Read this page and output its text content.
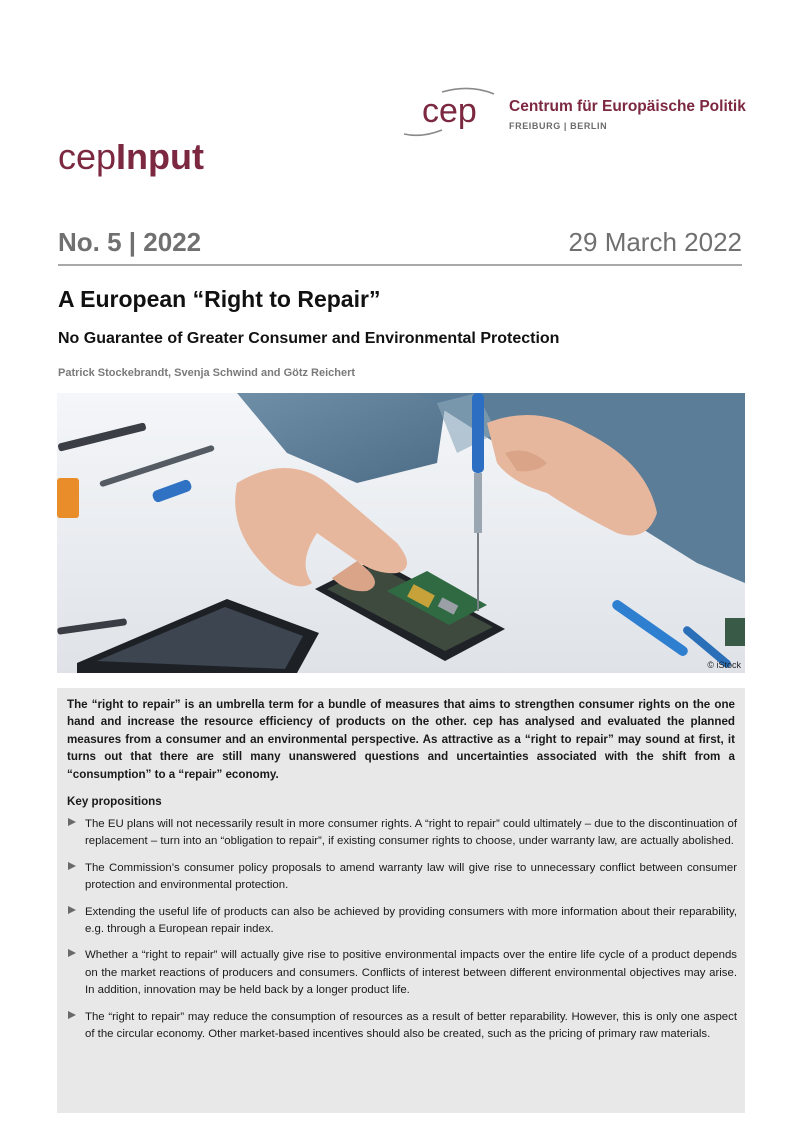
cep Centrum für Europäische Politik
FREIBURG | BERLIN
cepInput
No. 5 | 2022	29 March 2022
A European “Right to Repair”
No Guarantee of Greater Consumer and Environmental Protection
Patrick Stockebrandt, Svenja Schwind and Götz Reichert
© iStock

The “right to repair” is an umbrella term for a bundle of measures that aims to strengthen consumer rights on the one hand and increase the resource efficiency of products on the other. cep has analysed and evaluated the planned measures from a consumer and an environmental perspective. As attractive as a “right to repair” may sound at first, it turns out that there are still many unanswered questions and uncertainties associated with the shift from a “consumption” to a “repair” economy.

Key propositions
The EU plans will not necessarily result in more consumer rights. A “right to repair” could ultimately – due to the discontinuation of replacement – turn into an “obligation to repair”, if existing consumer rights to choose, under warranty law, are actually abolished.
The Commission’s consumer policy proposals to amend warranty law will give rise to unnecessary conflict between consumer protection and environmental protection.
Extending the useful life of products can also be achieved by providing consumers with more information about their reparability, e.g. through a European repair index.
Whether a “right to repair” will actually give rise to positive environmental impacts over the entire life cycle of a product depends on the market reactions of producers and consumers. Conflicts of interest between different environmental objectives may arise. In addition, innovation may be held back by a longer product life.
The “right to repair” may reduce the consumption of resources as a result of better reparability. However, this is only one aspect of the circular economy. Other market-based incentives should also be created, such as the pricing of primary raw materials.
